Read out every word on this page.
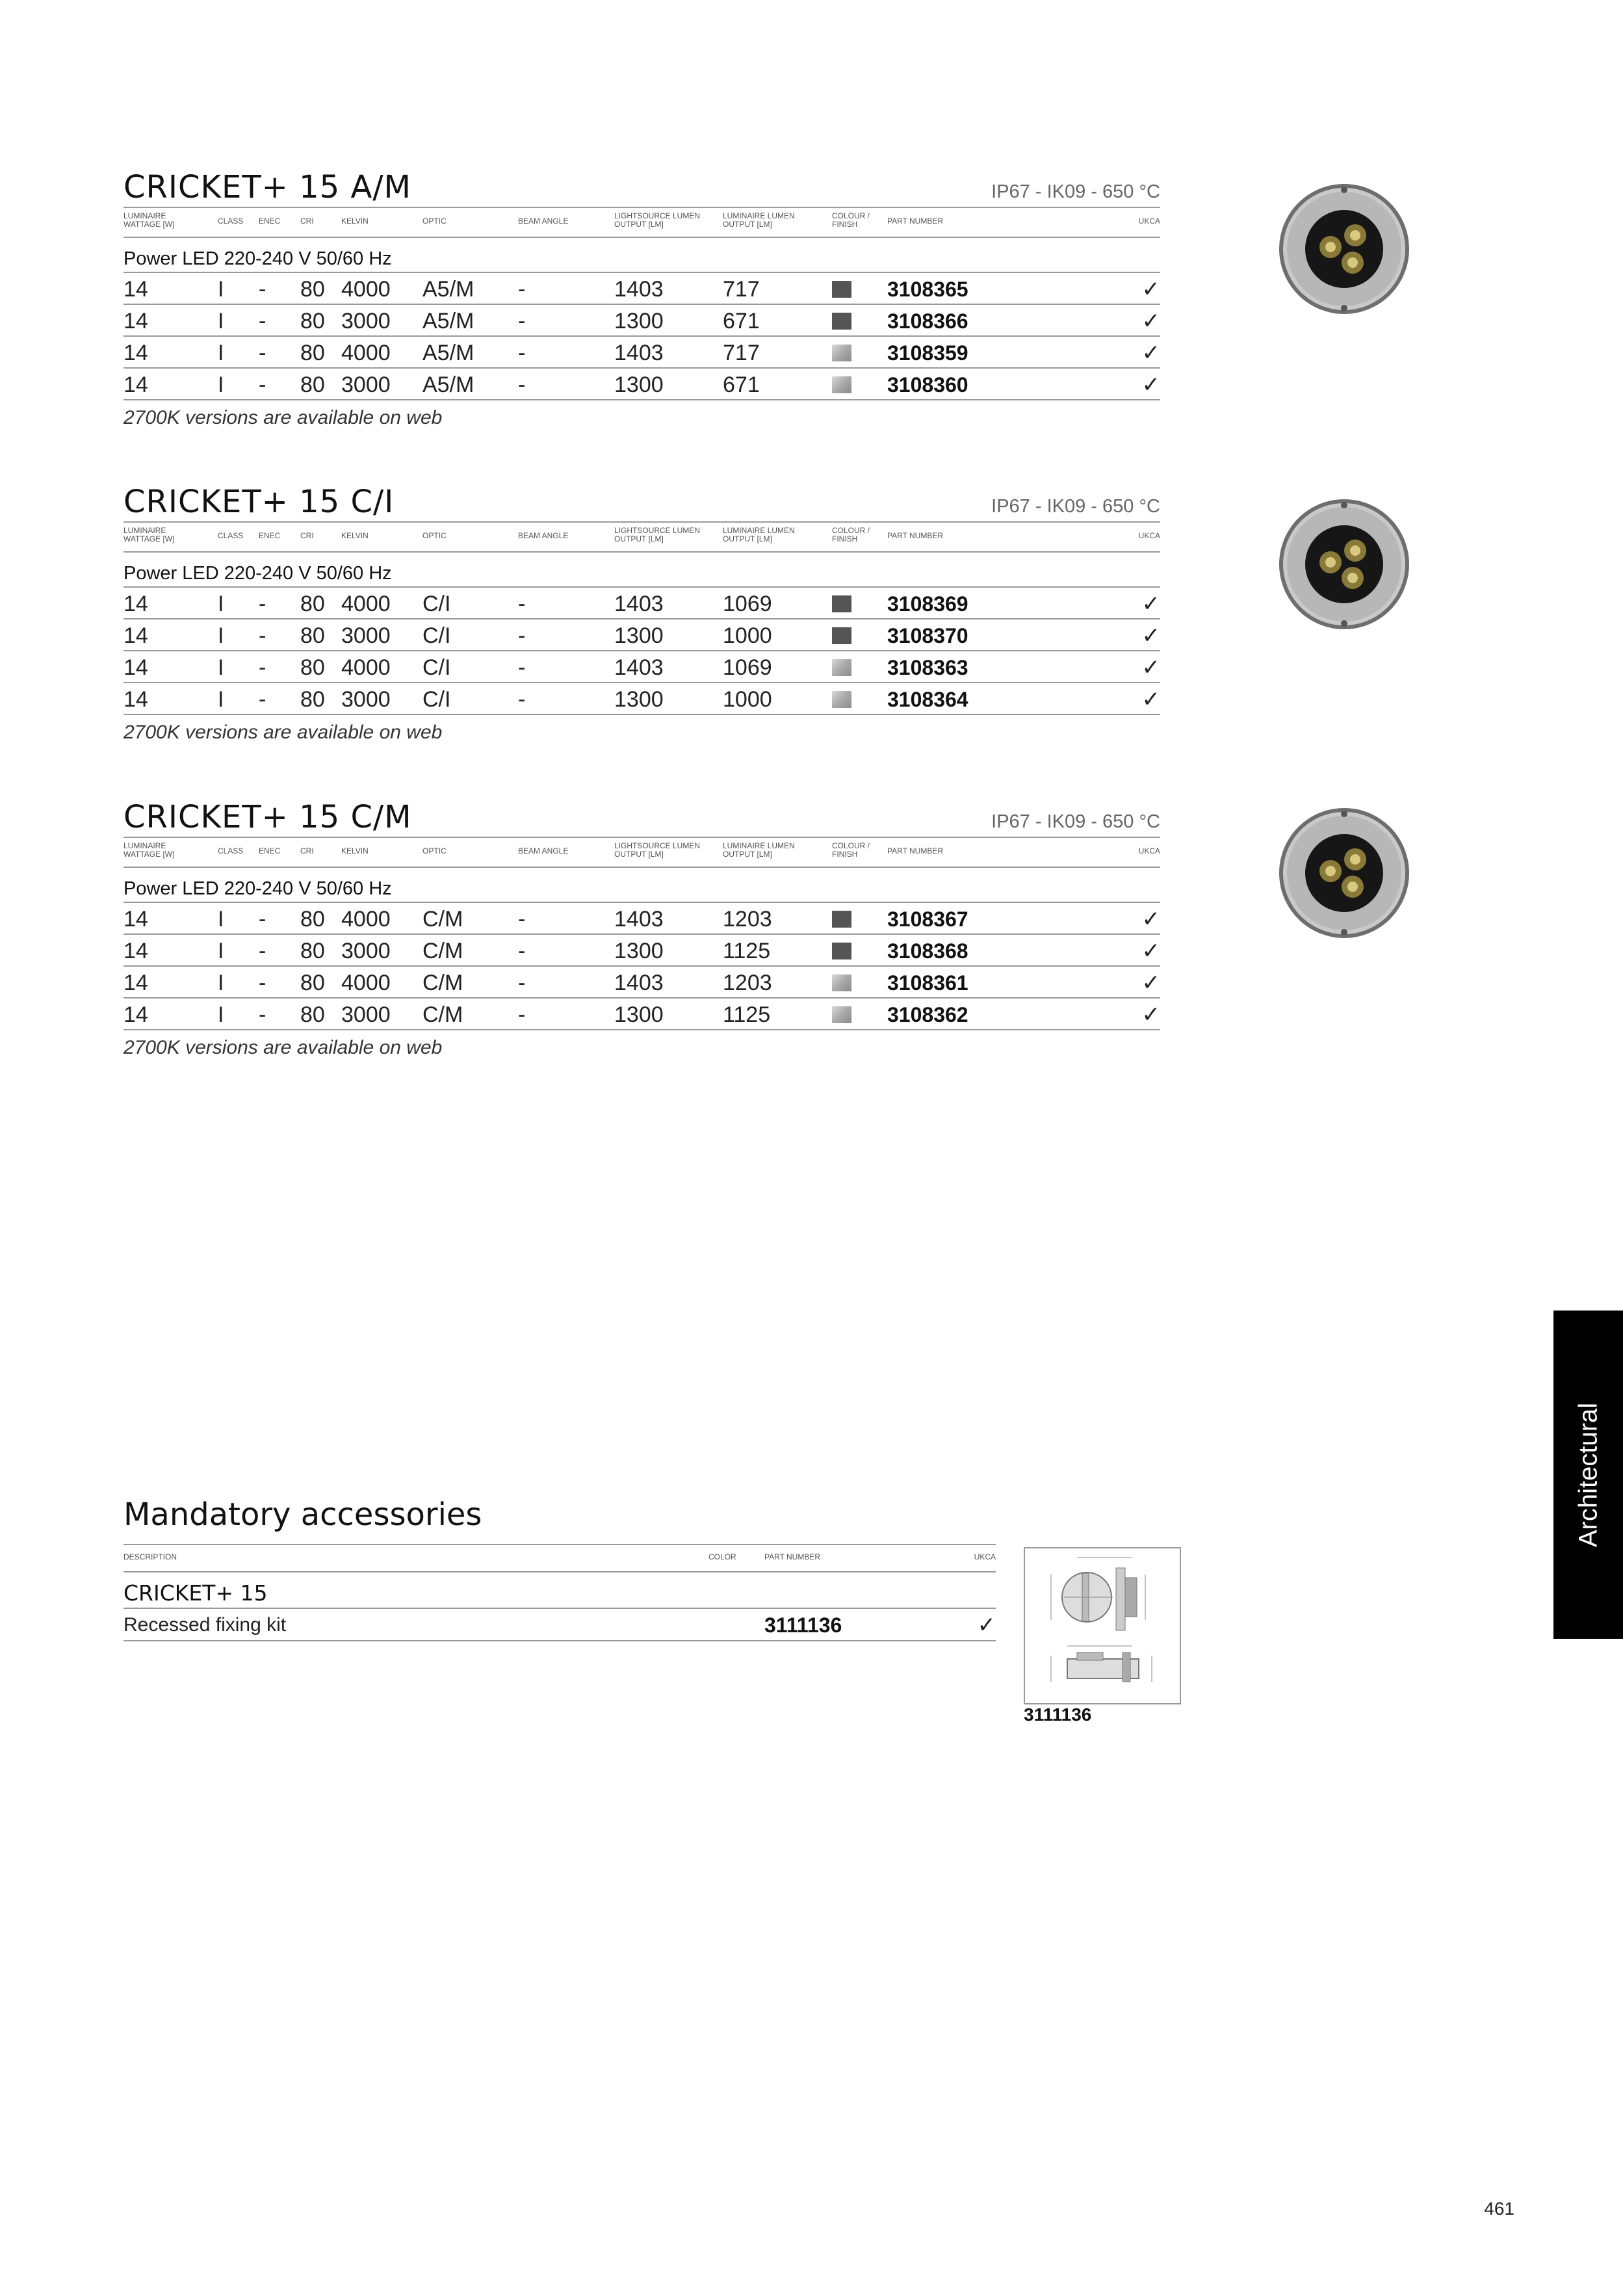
CRICKET+ 15 A/M	IP67 - IK09 - 650 °C
LUMINAIRE
WATTAGE [W]	CLASS ENEC	CRI	KELVIN	OPTIC	BEAM ANGLE
LIGHTSOURCE LUMEN
OUTPUT [LM]
LUMINAIRE LUMEN
OUTPUT [LM]
COLOUR /
FINISH	PART NUMBER	UKCA
Power LED 220-240 V 50/60 Hz
14	I - 80 4000 A5/M -	1403	717	3108365	✓
14	I - 80 3000 A5/M -	1300	671	3108366	✓
14	I - 80 4000 A5/M -	1403	717	3108359	✓
14	I - 80 3000 A5/M -	1300	671	3108360	✓
2700K versions are available on web
CRICKET+ 15 C/I	IP67 - IK09 - 650 °C
LUMINAIRE
WATTAGE [W]	CLASS ENEC	CRI	KELVIN	OPTIC	BEAM ANGLE
LIGHTSOURCE LUMEN
OUTPUT [LM]
LUMINAIRE LUMEN
OUTPUT [LM]
COLOUR /
FINISH	PART NUMBER	UKCA
Power LED 220-240 V 50/60 Hz
14	I - 80 4000 C/I	-	1403	1069	3108369	✓
14	I - 80 3000 C/I	-	1300	1000	3108370	✓
14	I - 80 4000 C/I	-	1403	1069	3108363	✓
14	I - 80 3000 C/I	-	1300	1000	3108364	✓
2700K versions are available on web
CRICKET+ 15 C/M	IP67 - IK09 - 650 °C
LUMINAIRE
WATTAGE [W]	CLASS ENEC	CRI	KELVIN	OPTIC	BEAM ANGLE
LIGHTSOURCE LUMEN
OUTPUT [LM]
LUMINAIRE LUMEN
OUTPUT [LM]
COLOUR /
FINISH	PART NUMBER	UKCA
Power LED 220-240 V 50/60 Hz
14	I - 80 4000 C/M -	1403	1203	3108367	✓
14	I - 80 3000 C/M -	1300	1125	3108368	✓
14	I - 80 4000 C/M -	1403	1203	3108361	✓
14	I - 80 3000 C/M -	1300	1125	3108362	✓
2700K versions are available on web
Mandatory accessories
DESCRIPTION	COLOR	PART NUMBER	UKCA
CRICKET+ 15
Recessed fixing kit	3111136	✓
3111136
Architectural
461
